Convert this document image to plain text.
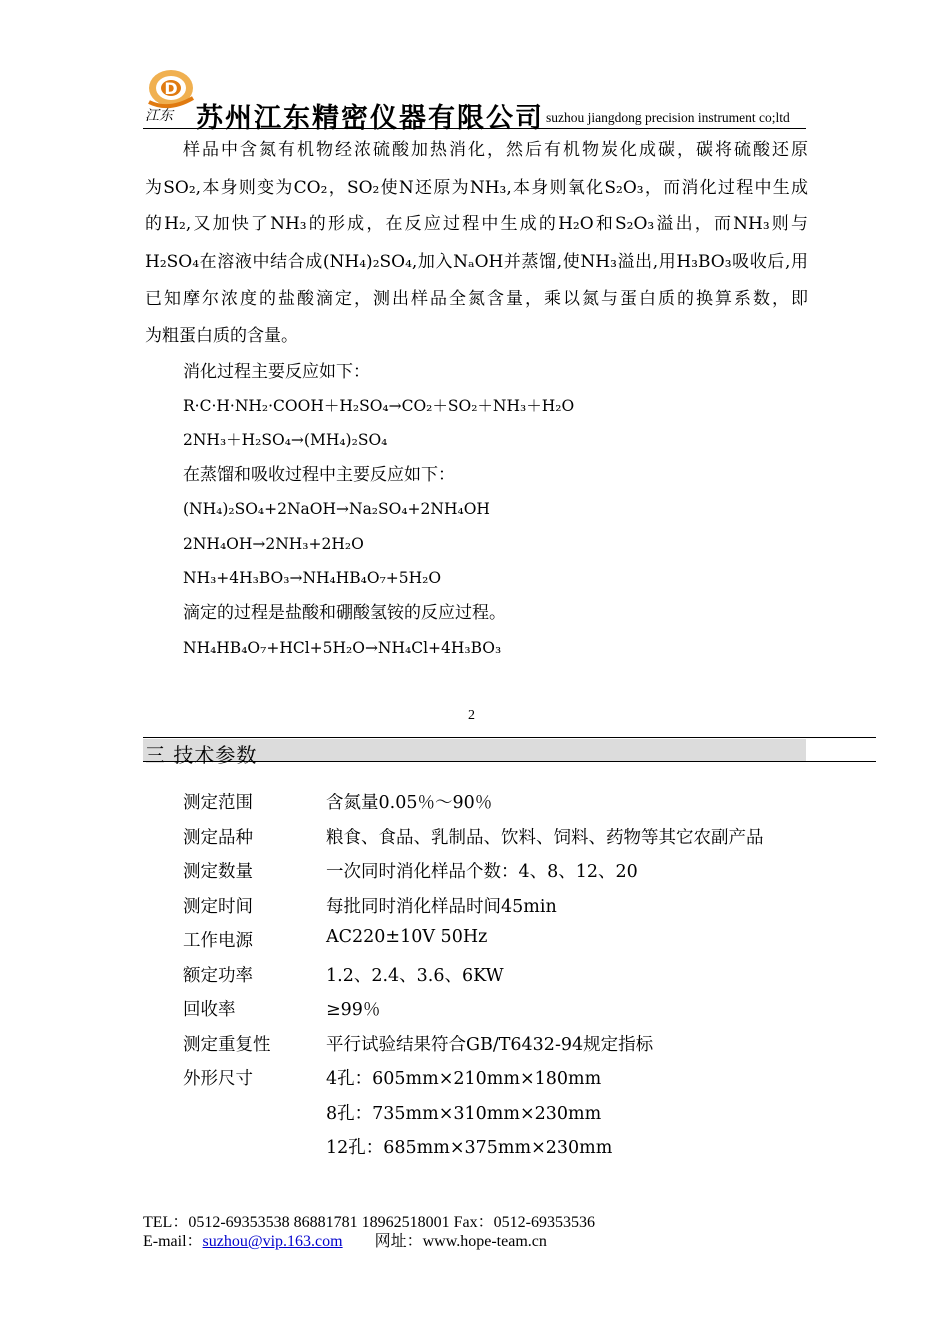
D
江东 苏州江东精密仪器有限公司 suzhou jiangdong precision instrument co;ltd
样品中含氮有机物经浓硫酸加热消化，然后有机物炭化成碳，碳将硫酸还原
为SO₂,本身则变为CO₂，SO₂使N还原为NH₃,本身则氧化S₂O₃，而消化过程中生成
的H₂,又加快了NH₃的形成，在反应过程中生成的H₂O和S₂O₃溢出，而NH₃则与
H₂SO₄在溶液中结合成(NH₄)₂SO₄,加入NₐOH并蒸馏,使NH₃溢出,用H₃BO₃吸收后,用
已知摩尔浓度的盐酸滴定，测出样品全氮含量，乘以氮与蛋白质的换算系数，即
为粗蛋白质的含量。
消化过程主要反应如下：
R·C·H·NH₂·COOH＋H₂SO₄→CO₂＋SO₂＋NH₃＋H₂O
2NH₃＋H₂SO₄→(MH₄)₂SO₄
在蒸馏和吸收过程中主要反应如下：
(NH₄)₂SO₄+2NaOH→Na₂SO₄+2NH₄OH
2NH₄OH→2NH₃+2H₂O
NH₃+4H₃BO₃→NH₄HB₄O₇+5H₂O
滴定的过程是盐酸和硼酸氢铵的反应过程。
NH₄HB₄O₇+HCl+5H₂O→NH₄Cl+4H₃BO₃
2
三 技术参数
测定范围	含氮量0.05％～90％
测定品种	粮食、食品、乳制品、饮料、饲料、药物等其它农副产品
测定数量	一次同时消化样品个数：4、8、12、20
测定时间	每批同时消化样品时间45min
工作电源	AC220±10V 50Hz
额定功率	1.2、2.4、3.6、6KW
回收率	≥99％
测定重复性	平行试验结果符合GB/T6432-94规定指标
外形尺寸	4孔：605mm×210mm×180mm
8孔：735mm×310mm×230mm
12孔：685mm×375mm×230mm
TEL：0512-69353538 86881781 18962518001 Fax：0512-69353536
E-mail：suzhou@vip.163.com 网址：www.hope-team.cn
